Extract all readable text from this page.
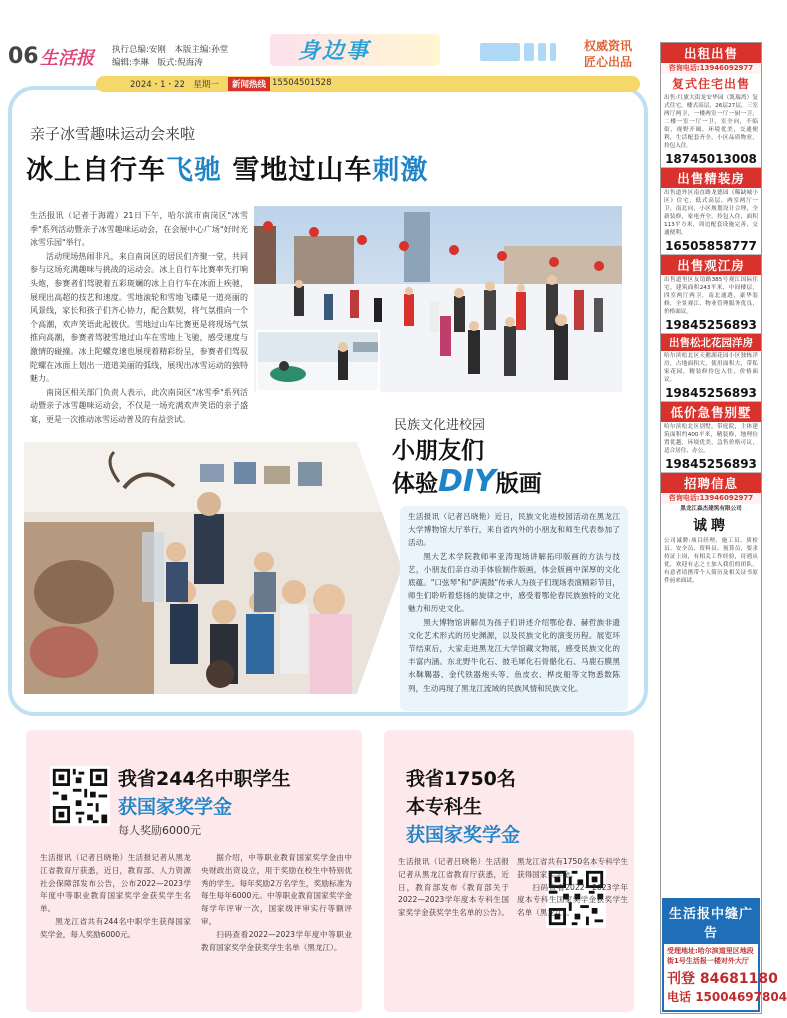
06 生活报 执行总编:安刚　本版主编:孙堂
编辑:李琳　版式:倪海涛	身边事	权威资讯
匠心出品
2024・1・22　星期一	新闻热线 15504501528
亲子冰雪趣味运动会来啦
冰上自行车飞驰 雪地过山车刺激

生活报讯（记者于海霞）21日下午，哈尔滨市南岗区"冰雪季"系列活动暨亲子冰雪趣味运动会，在会展中心广场"好时光冰雪乐园"举行。

活动现场热闹非凡，来自南岗区的居民们齐聚一堂，共同参与这场充满趣味与挑战的运动会。冰上自行车比赛率先打响头炮，参赛者们驾驶着五彩斑斓的冰上自行车在冰面上疾驰，展现出高超的技艺和速度。雪地滚轮和雪地飞碟是一道亮丽的风景线，家长和孩子们齐心协力，配合默契，将气氛推向一个个高潮，欢声笑语此起彼伏。雪地过山车比赛更是将现场气氛推向高潮，参赛者驾驶雪地过山车在雪地上飞驰，感受速度与激情的碰撞。冰上陀螺竞速也展现着精彩纷呈，参赛者们驾驭陀螺在冰面上划出一道道美丽的弧线，展现出冰雪运动的独特魅力。

南岗区相关部门负责人表示，此次南岗区"冰雪季"系列活动暨亲子冰雪趣味运动会，不仅是一场充满欢声笑语的亲子盛宴，更是一次推动冰雪运动普及的有益尝试。	民族文化进校园
小朋友们
体验DIY版画

生活报讯（记者吕晓艳）近日，民族文化进校园活动在黑龙江大学博物馆大厅举行，来自省内外的小朋友和师生代表参加了活动。

黑大艺术学院教师率亚涛现场讲解拓印版画的方法与技艺，小朋友们亲自动手体验制作版画，体会版画中深厚的文化底蕴。"口弦琴"和"萨满鼓"传承人为孩子们现场表演精彩节目，师生们聆听着悠扬的旋律之中，感受着鄂伦春民族独特的文化魅力和历史文化。

黑大博物馆讲解员为孩子们讲述介绍鄂伦春、赫哲族非遗文化艺术形式的历史渊源，以及民族文化的演变历程。展览环节结束后，大家走进黑龙江大学馆藏文物展，感受民族文化的丰富内涵。东北野牛化石、披毛犀化石骨骼化石、马鹿石膜黑水靺鞨器、金代铁器炮头等、鱼皮衣、桦皮船等文物悉数陈列，生动再现了黑龙江流域的民族风情和民族文化。

我省244名中职学生
获国家奖学金
每人奖励6000元

生活报讯（记者吕晓艳）生活报记者从黑龙江省教育厅获悉，近日，教育部、人力资源社会保障部发布公告，公布2022—2023学年度中等职业教育国家奖学金获奖学生名单。

黑龙江省共有244名中职学生获得国家奖学金，每人奖励6000元。

据介绍，中等职业教育国家奖学金由中央财政出资设立，用于奖励在校生中特别优秀的学生。每年奖励2万名学生，奖励标准为每生每年6000元。中等职业教育国家奖学金每学年评审一次，国家级评审实行等额评审。

扫码查看2022—2023学年度中等职业教育国家奖学金获奖学生名单（黑龙江）。

我省1750名
本专科生
获国家奖学金

生活报讯（记者吕晓艳）生活报记者从黑龙江省教育厅获悉，近日，教育部发布《教育部关于2022—2023学年度本专科生国家奖学金获奖学生名单的公告》。黑龙江省共有1750名本专科学生获得国家奖学金。

扫码查看2022—2023学年度本专科生国家奖学金获奖学生名单（黑龙江）。

出租出售
咨询电话:13946092977
复式住宅出售
出售:红旗大街龙安华园（凯瑞湾）复式住宅，楼式高层，26层27层，三室两厅两卫，一楼两室一厅一厨一卫，二楼一室一厅一卫，室全向，不临街，视野开阔，环境优美，交通便利，生活配套齐全，小区品质物业，拎包入住。
18745013008
出售精装房
出售道外区南直路龙德园《稀缺城小区》住宅，低式高层，两室两厅一卫，南北向，小区规划设计合理，全新装修，家电齐全，拎包入住，面积113平方米，周边配套设施完善，交通便利。
16505858777
出售观江房
出售道里区友谊路385号观江国际住宅，建筑面积243平米，中间楼层，四室两厅两卫，南北通透，豪华装修，全景观江，物业管理服务优良，价格面议。
19845256893
出售松北花园洋房
哈尔滨松北区天鹅湖花园小区独栋洋房，占地面积大，使用面积大，带私家花园，精装修拎包入住，价格面议。
19845256893
低价急售别墅
哈尔滨松北区别墅，带庭院，主体建筑面积约400平米，精装修，地理位置优越，环境优美，急售价格可议，适合居住、办公。
19845256893
招聘信息
咨询电话:13946092977
黑龙江森杰建筑有限公司
诚聘
公司诚聘:项目经理、施工员、质检员、安全员、资料员、预算员，要求持证上岗，有相关工作经验，待遇从优，欢迎有志之士加入我们的团队。有意者请携带个人简历及相关证书原件前来面试。
生活报中缝广告
受理地址:哈尔滨道里区地段街1号生活报一楼对外大厅
刊登 84681180
电话 15004697804
